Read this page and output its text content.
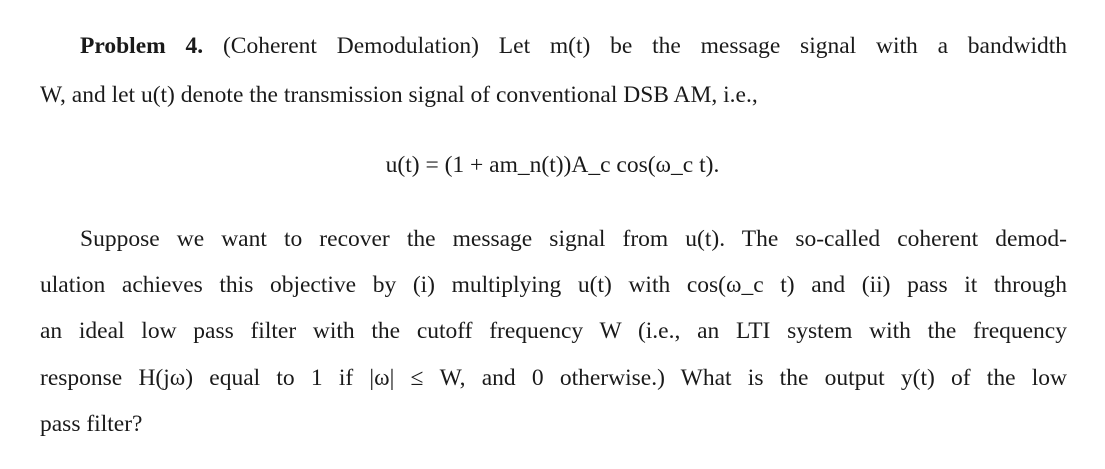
Problem 4. (Coherent Demodulation) Let m(t) be the message signal with a bandwidth
W, and let u(t) denote the transmission signal of conventional DSB AM, i.e.,
u(t) = (1 + am_n(t))A_c cos(ω_c t).
Suppose we want to recover the message signal from u(t). The so-called coherent demod-
ulation achieves this objective by (i) multiplying u(t) with cos(ω_c t) and (ii) pass it through
an ideal low pass filter with the cutoff frequency W (i.e., an LTI system with the frequency
response H(jω) equal to 1 if |ω| ≤ W, and 0 otherwise.) What is the output y(t) of the low
pass filter?
